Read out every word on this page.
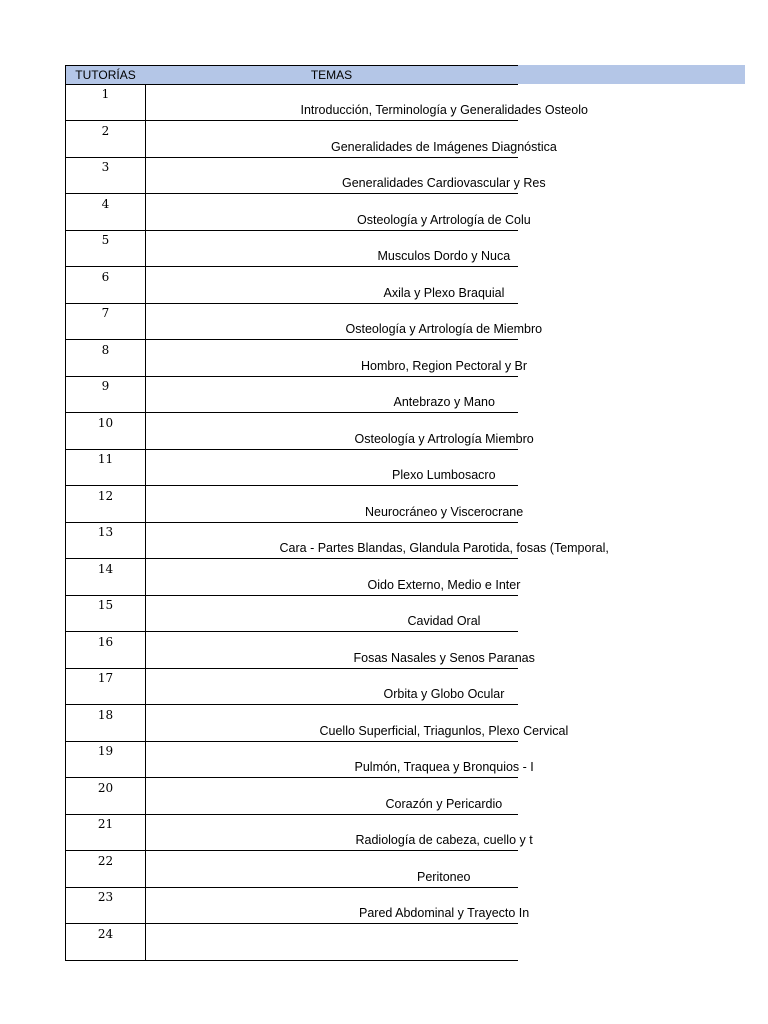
TUTORÍAS	TEMAS
1
Introducción, Terminología y Generalidades Osteolo
2
Generalidades de Imágenes Diagnóstica
3
Generalidades Cardiovascular y Res
4
Osteología y Artrología de Colu
5
Musculos Dordo y Nuca
6
Axila y Plexo Braquial
7
Osteología y Artrología de Miembro
8
Hombro, Region Pectoral y Br
9
Antebrazo y Mano
10
Osteología y Artrología Miembro
11
Plexo Lumbosacro
12
Neurocráneo y Viscerocrane
13
Cara - Partes Blandas, Glandula Parotida, fosas (Temporal,
14
Oido Externo, Medio e Inter
15
Cavidad Oral
16
Fosas Nasales y Senos Paranas
17
Orbita y Globo Ocular
18
Cuello Superficial, Triagunlos, Plexo Cervical
19
Pulmón, Traquea y Bronquios - I
20
Corazón y Pericardio
21
Radiología de cabeza, cuello y t
22
Peritoneo
23
Pared Abdominal y Trayecto In
24
